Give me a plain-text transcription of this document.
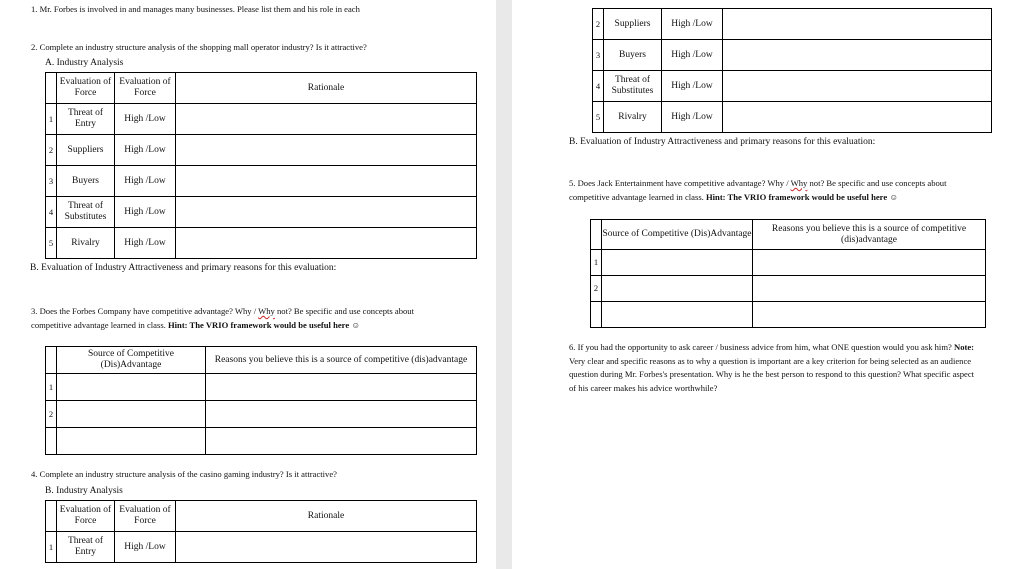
1. Mr. Forbes is involved in and manages many businesses. Please list them and his role in each
2. Complete an industry structure analysis of the shopping mall operator industry? Is it attractive?
A. Industry Analysis
	Evaluation of Force	Evaluation of Force	Rationale
1	Threat of Entry	High /Low	
2	Suppliers	High /Low	
3	Buyers	High /Low	
4	Threat of Substitutes	High /Low	
5	Rivalry	High /Low	
B. Evaluation of Industry Attractiveness and primary reasons for this evaluation:
3. Does the Forbes Company have competitive advantage? Why / Why not? Be specific and use concepts about competitive advantage learned in class. Hint: The VRIO framework would be useful here ☺
	Source of Competitive (Dis)Advantage	Reasons you believe this is a source of competitive (dis)advantage
1		
2		

4. Complete an industry structure analysis of the casino gaming industry? Is it attractive?
B. Industry Analysis
	Evaluation of Force	Evaluation of Force	Rationale
1	Threat of Entry	High /Low	
2	Suppliers	High /Low	
3	Buyers	High /Low	
4	Threat of Substitutes	High /Low	
5	Rivalry	High /Low	
B. Evaluation of Industry Attractiveness and primary reasons for this evaluation:
5. Does Jack Entertainment have competitive advantage? Why / Why not? Be specific and use concepts about competitive advantage learned in class. Hint: The VRIO framework would be useful here ☺
	Source of Competitive (Dis)Advantage	Reasons you believe this is a source of competitive (dis)advantage
1		
2		

6. If you had the opportunity to ask career / business advice from him, what ONE question would you ask him? Note: Very clear and specific reasons as to why a question is important are a key criterion for being selected as an audience question during Mr. Forbes's presentation. Why is he the best person to respond to this question? What specific aspect of his career makes his advice worthwhile?
